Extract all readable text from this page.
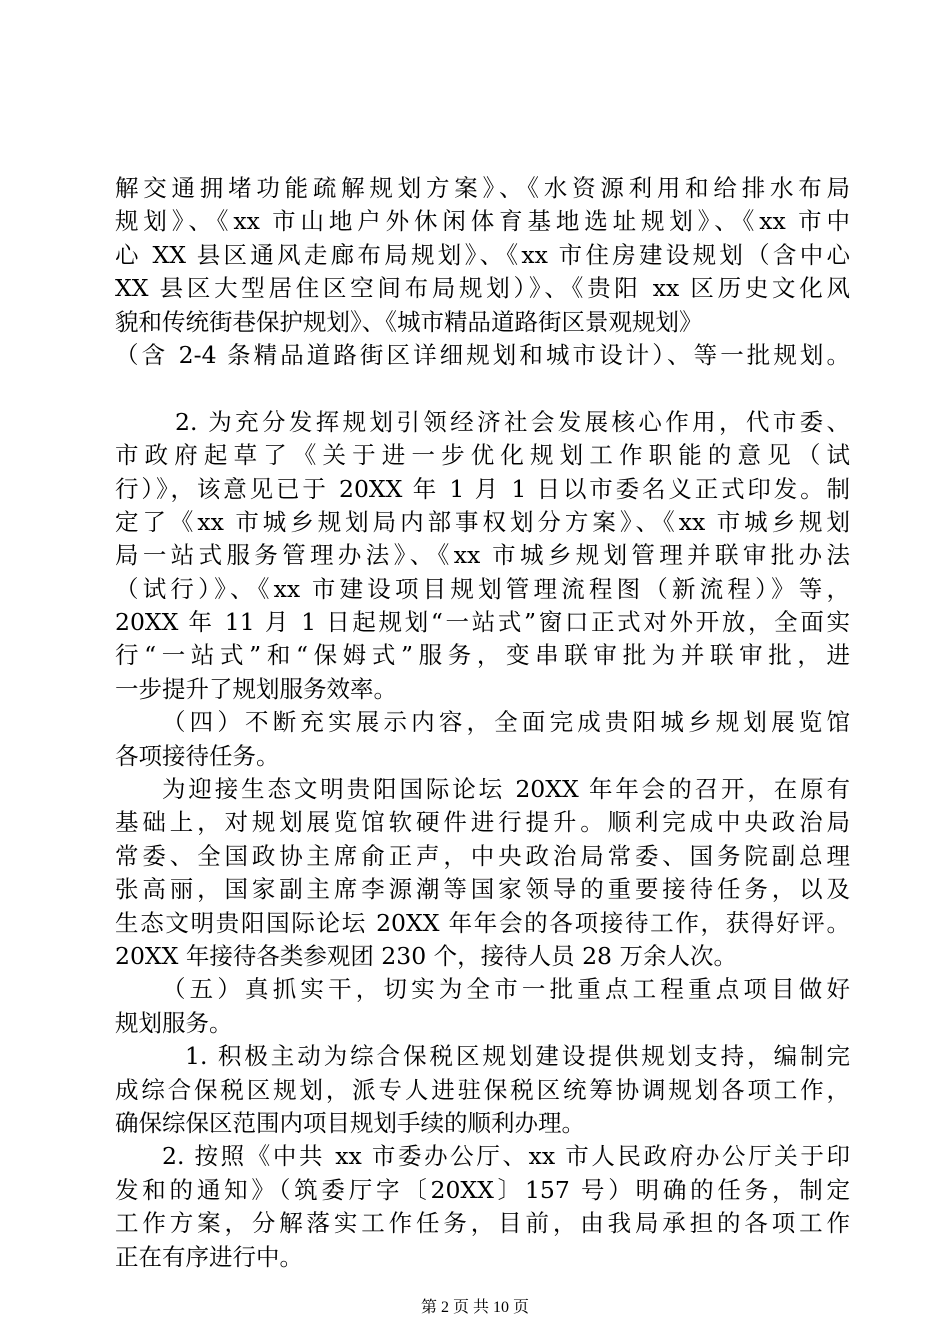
解交通拥堵功能疏解规划方案》、《水资源利用和给排水布局
规划》、《xx 市山地户外休闲体育基地选址规划》、《xx 市中
心 XX 县区通风走廊布局规划》、《xx 市住房建设规划（含中心
XX 县区大型居住区空间布局规划）》、《贵阳 xx 区历史文化风
貌和传统街巷保护规划》、《城市精品道路街区景观规划》
（含 2-4 条精品道路街区详细规划和城市设计）、等一批规划。
2. 为充分发挥规划引领经济社会发展核心作用，代市委、
市政府起草了《关于进一步优化规划工作职能的意见（试
行）》，该意见已于 20XX 年 1 月 1 日以市委名义正式印发。制
定了《xx 市城乡规划局内部事权划分方案》、《xx 市城乡规划
局一站式服务管理办法》、《xx 市城乡规划管理并联审批办法
（试行）》、《xx 市建设项目规划管理流程图（新流程）》等，
20XX 年 11 月 1 日起规划“一站式”窗口正式对外开放，全面实
行“一站式”和“保姆式”服务，变串联审批为并联审批，进
一步提升了规划服务效率。
（四）不断充实展示内容，全面完成贵阳城乡规划展览馆
各项接待任务。
为迎接生态文明贵阳国际论坛 20XX 年年会的召开，在原有
基础上，对规划展览馆软硬件进行提升。顺利完成中央政治局
常委、全国政协主席俞正声，中央政治局常委、国务院副总理
张高丽，国家副主席李源潮等国家领导的重要接待任务，以及
生态文明贵阳国际论坛 20XX 年年会的各项接待工作，获得好评。
20XX 年接待各类参观团 230 个，接待人员 28 万余人次。
（五）真抓实干，切实为全市一批重点工程重点项目做好
规划服务。
1. 积极主动为综合保税区规划建设提供规划支持，编制完
成综合保税区规划，派专人进驻保税区统筹协调规划各项工作，
确保综保区范围内项目规划手续的顺利办理。
2. 按照《中共 xx 市委办公厅、xx 市人民政府办公厅关于印
发和的通知》（筑委厅字〔20XX〕157 号）明确的任务，制定
工作方案，分解落实工作任务，目前，由我局承担的各项工作
正在有序进行中。
第 2 页 共 10 页
